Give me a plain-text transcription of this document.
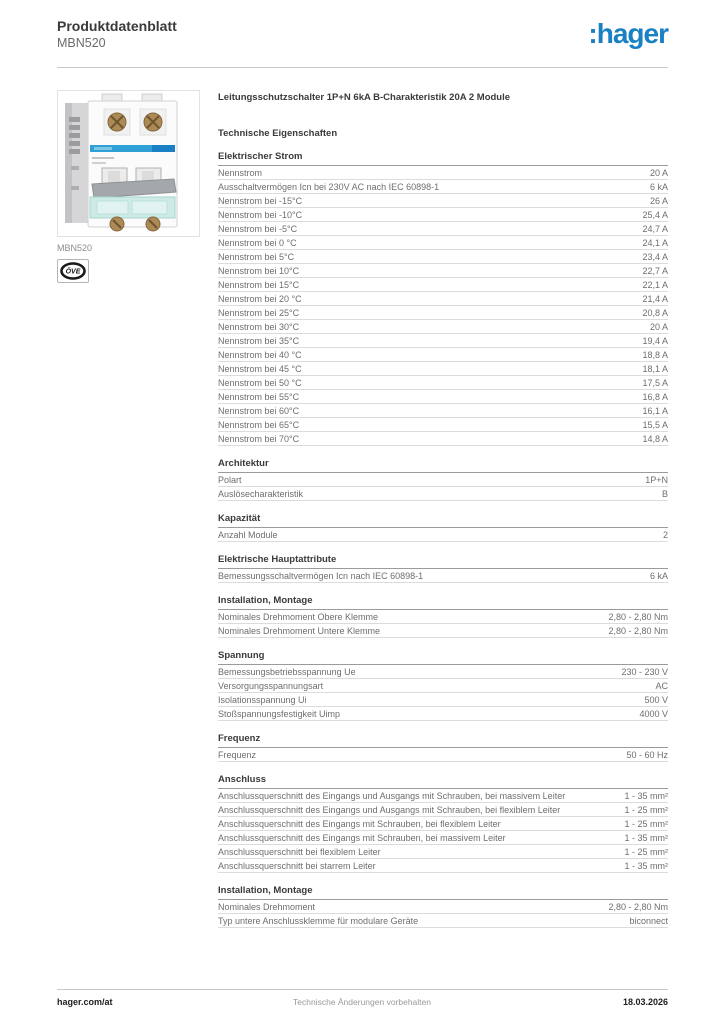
Produktdatenblatt
MBN520	:hager
MBN520
ÖVE
Leitungsschutzschalter 1P+N 6kA B-Charakteristik 20A 2 Module
Technische Eigenschaften
Elektrischer Strom
Nennstrom	20 A
Ausschaltvermögen Icn bei 230V AC nach IEC 60898-1	6 kA
Nennstrom bei -15°C	26 A
Nennstrom bei -10°C	25,4 A
Nennstrom bei -5°C	24,7 A
Nennstrom bei 0 °C	24,1 A
Nennstrom bei 5°C	23,4 A
Nennstrom bei 10°C	22,7 A
Nennstrom bei 15°C	22,1 A
Nennstrom bei 20 °C	21,4 A
Nennstrom bei 25°C	20,8 A
Nennstrom bei 30°C	20 A
Nennstrom bei 35°C	19,4 A
Nennstrom bei 40 °C	18,8 A
Nennstrom bei 45 °C	18,1 A
Nennstrom bei 50 °C	17,5 A
Nennstrom bei 55°C	16,8 A
Nennstrom bei 60°C	16,1 A
Nennstrom bei 65°C	15,5 A
Nennstrom bei 70°C	14,8 A
Architektur
Polart	1P+N
Auslösecharakteristik	B
Kapazität
Anzahl Module	2
Elektrische Hauptattribute
Bemessungsschaltvermögen Icn nach IEC 60898-1	6 kA
Installation, Montage
Nominales Drehmoment Obere Klemme	2,80 - 2,80 Nm
Nominales Drehmoment Untere Klemme	2,80 - 2,80 Nm
Spannung
Bemessungsbetriebsspannung Ue	230 - 230 V
Versorgungsspannungsart	AC
Isolationsspannung Ui	500 V
Stoßspannungsfestigkeit Uimp	4000 V
Frequenz
Frequenz	50 - 60 Hz
Anschluss
Anschlussquerschnitt des Eingangs und Ausgangs mit Schrauben, bei massivem Leiter	1 - 35 mm²
Anschlussquerschnitt des Eingangs und Ausgangs mit Schrauben, bei flexiblem Leiter	1 - 25 mm²
Anschlussquerschnitt des Eingangs mit Schrauben, bei flexiblem Leiter	1 - 25 mm²
Anschlussquerschnitt des Eingangs mit Schrauben, bei massivem Leiter	1 - 35 mm²
Anschlussquerschnitt bei flexiblem Leiter	1 - 25 mm²
Anschlussquerschnitt bei starrem Leiter	1 - 35 mm²
Installation, Montage
Nominales Drehmoment	2,80 - 2,80 Nm
Typ untere Anschlussklemme für modulare Geräte	biconnect
hager.com/at	Technische Änderungen vorbehalten	18.03.2026
